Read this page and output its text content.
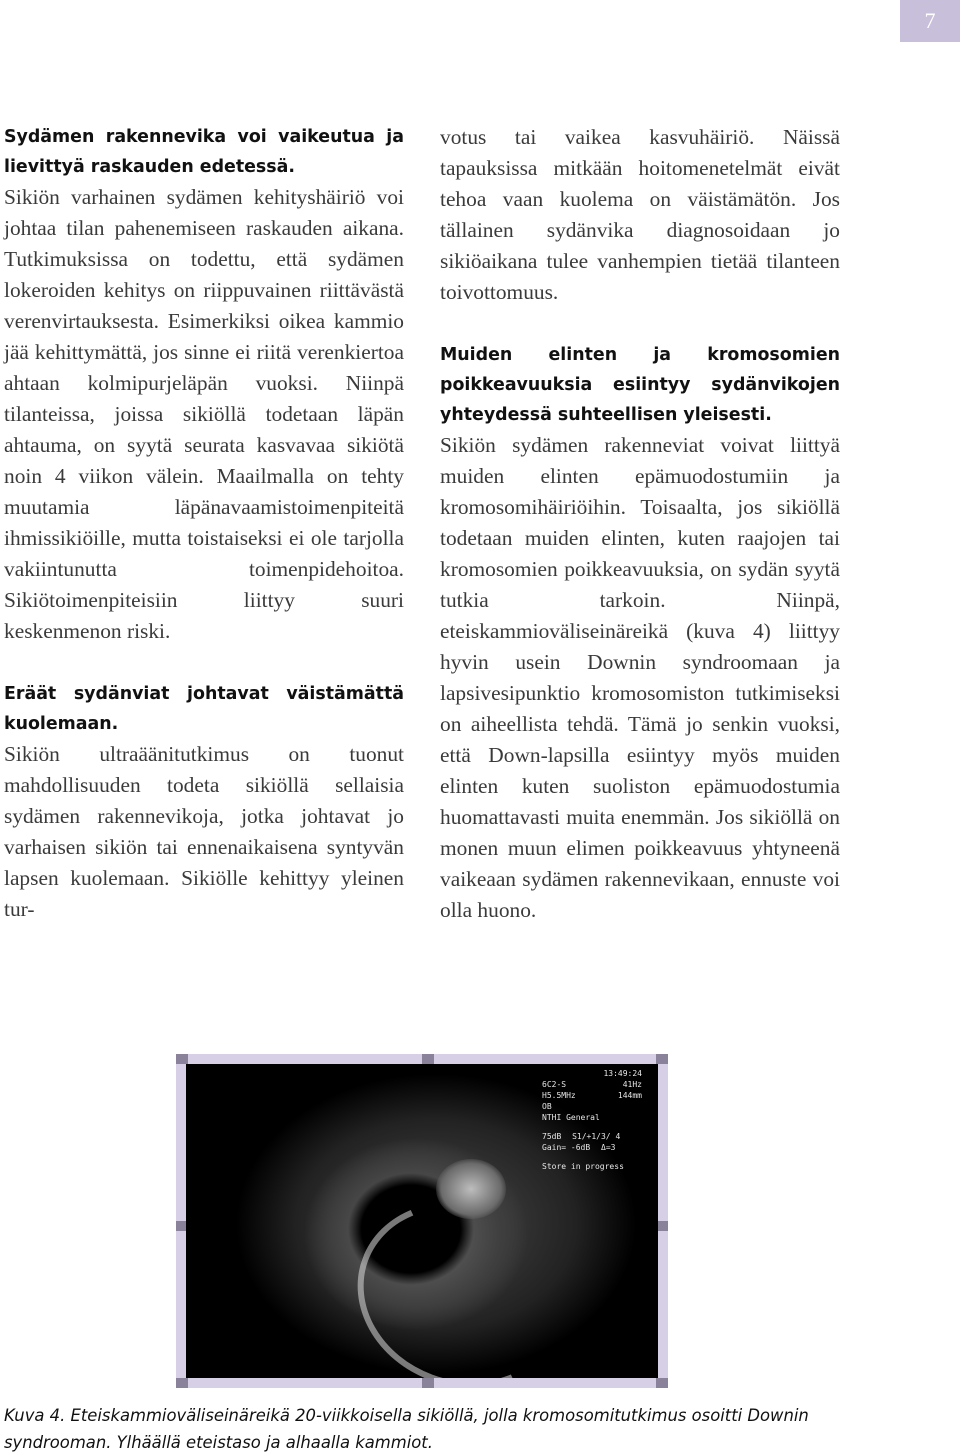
7

Sydämen rakennevika voi vaikeutua ja lievittyä raskauden edetessä.

Sikiön varhainen sydämen kehityshäiriö voi johtaa tilan pahenemiseen raskauden aikana. Tutkimuksissa on todettu, että sydämen lokeroiden kehitys on riippuvainen riittävästä verenvirtauksesta. Esimerkiksi oikea kammio jää kehittymättä, jos sinne ei riitä verenkiertoa ahtaan kolmipurjeläpän vuoksi. Niinpä tilanteissa, joissa sikiöllä todetaan läpän ahtauma, on syytä seurata kasvavaa sikiötä noin 4 viikon välein. Maailmalla on tehty muutamia läpänavaamistoimenpiteitä ihmissikiöille, mutta toistaiseksi ei ole tarjolla vakiintunutta toimenpidehoitoa. Sikiötoimenpiteisiin liittyy suuri keskenmenon riski.

Eräät sydänviat johtavat väistämättä kuolemaan.

Sikiön ultraäänitutkimus on tuonut mahdollisuuden todeta sikiöllä sellaisia sydämen rakennevikoja, jotka johtavat jo varhaisen sikiön tai ennenaikaisena syntyvän lapsen kuolemaan. Sikiölle kehittyy yleinen tur-

votus tai vaikea kasvuhäiriö. Näissä tapauksissa mitkään hoitomenetelmät eivät tehoa vaan kuolema on väistämätön. Jos tällainen sydänvika diagnosoidaan jo sikiöaikana tulee vanhempien tietää tilanteen toivottomuus.

Muiden elinten ja kromosomien poikkeavuuksia esiintyy sydänvikojen yhteydessä suhteellisen yleisesti.

Sikiön sydämen rakenneviat voivat liittyä muiden elinten epämuodostumiin ja kromosomihäiriöihin. Toisaalta, jos sikiöllä todetaan muiden elinten, kuten raajojen tai kromosomien poikkeavuuksia, on sydän syytä tutkia tarkoin. Niinpä, eteiskammioväliseinäreikä (kuva 4) liittyy hyvin usein Downin syndroomaan ja lapsivesipunktio kromosomiston tutkimiseksi on aiheellista tehdä. Tämä jo senkin vuoksi, että Down-lapsilla esiintyy myös muiden elinten kuten suoliston epämuodostumia huomattavasti muita enemmän. Jos sikiöllä on monen muun elimen poikkeavuus yhtyneenä vaikeaan sydämen rakennevikaan, ennuste voi olla huono.

13:49:24
6C2-S	41Hz
H5.5MHz	144mm
OB
NTHI General
75dB S1/+1/3/ 4
Gain= -6dB Δ=3
Store in progress
Kuva 4. Eteiskammioväliseinäreikä 20-viikkoisella sikiöllä, jolla kromosomitutkimus osoitti Downin syndrooman. Ylhäällä eteistaso ja alhaalla kammiot.
